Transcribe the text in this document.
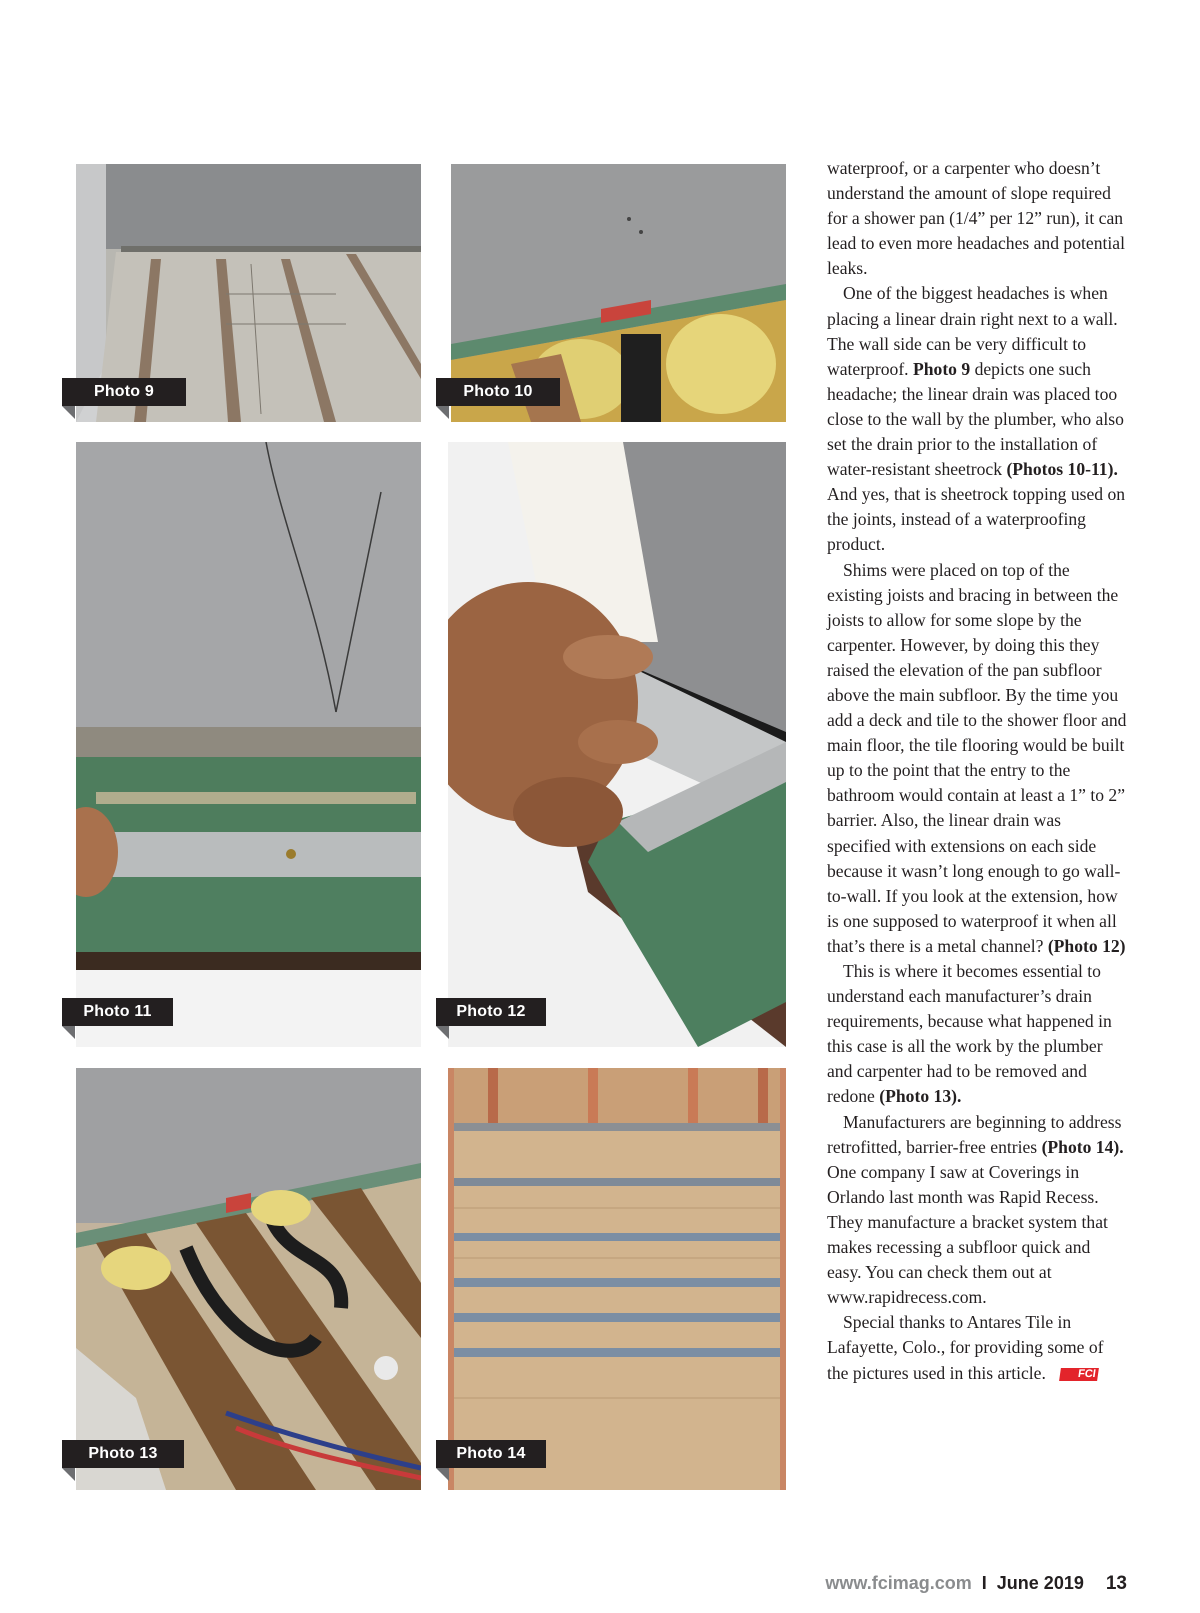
Photo 9	Photo 10
Photo 11	Photo 12
Photo 13	Photo 14

waterproof, or a carpenter who doesn’t understand the amount of slope required for a shower pan (1/4” per 12” run), it can lead to even more headaches and potential leaks.

One of the biggest headaches is when placing a linear drain right next to a wall. The wall side can be very difficult to waterproof. Photo 9 depicts one such headache; the linear drain was placed too close to the wall by the plumber, who also set the drain prior to the installation of water-resistant sheetrock (Photos 10-11). And yes, that is sheetrock topping used on the joints, instead of a waterproofing product.

Shims were placed on top of the existing joists and bracing in between the joists to allow for some slope by the carpenter. However, by doing this they raised the elevation of the pan subfloor above the main subfloor. By the time you add a deck and tile to the shower floor and main floor, the tile flooring would be built up to the point that the entry to the bathroom would contain at least a 1” to 2” barrier. Also, the linear drain was specified with extensions on each side because it wasn’t long enough to go wall-to-wall. If you look at the extension, how is one supposed to waterproof it when all that’s there is a metal channel? (Photo 12)

This is where it becomes essential to understand each manufacturer’s drain requirements, because what happened in this case is all the work by the plumber and carpenter had to be removed and redone (Photo 13).

Manufacturers are beginning to address retrofitted, barrier-free entries (Photo 14). One company I saw at Coverings in Orlando last month was Rapid Recess. They manufacture a bracket system that makes recessing a subfloor quick and easy. You can check them out at www.rapidrecess.com.

Special thanks to Antares Tile in Lafayette, Colo., for providing some of the pictures used in this article.	FCI

www.fcimag.com I June 2019 13
